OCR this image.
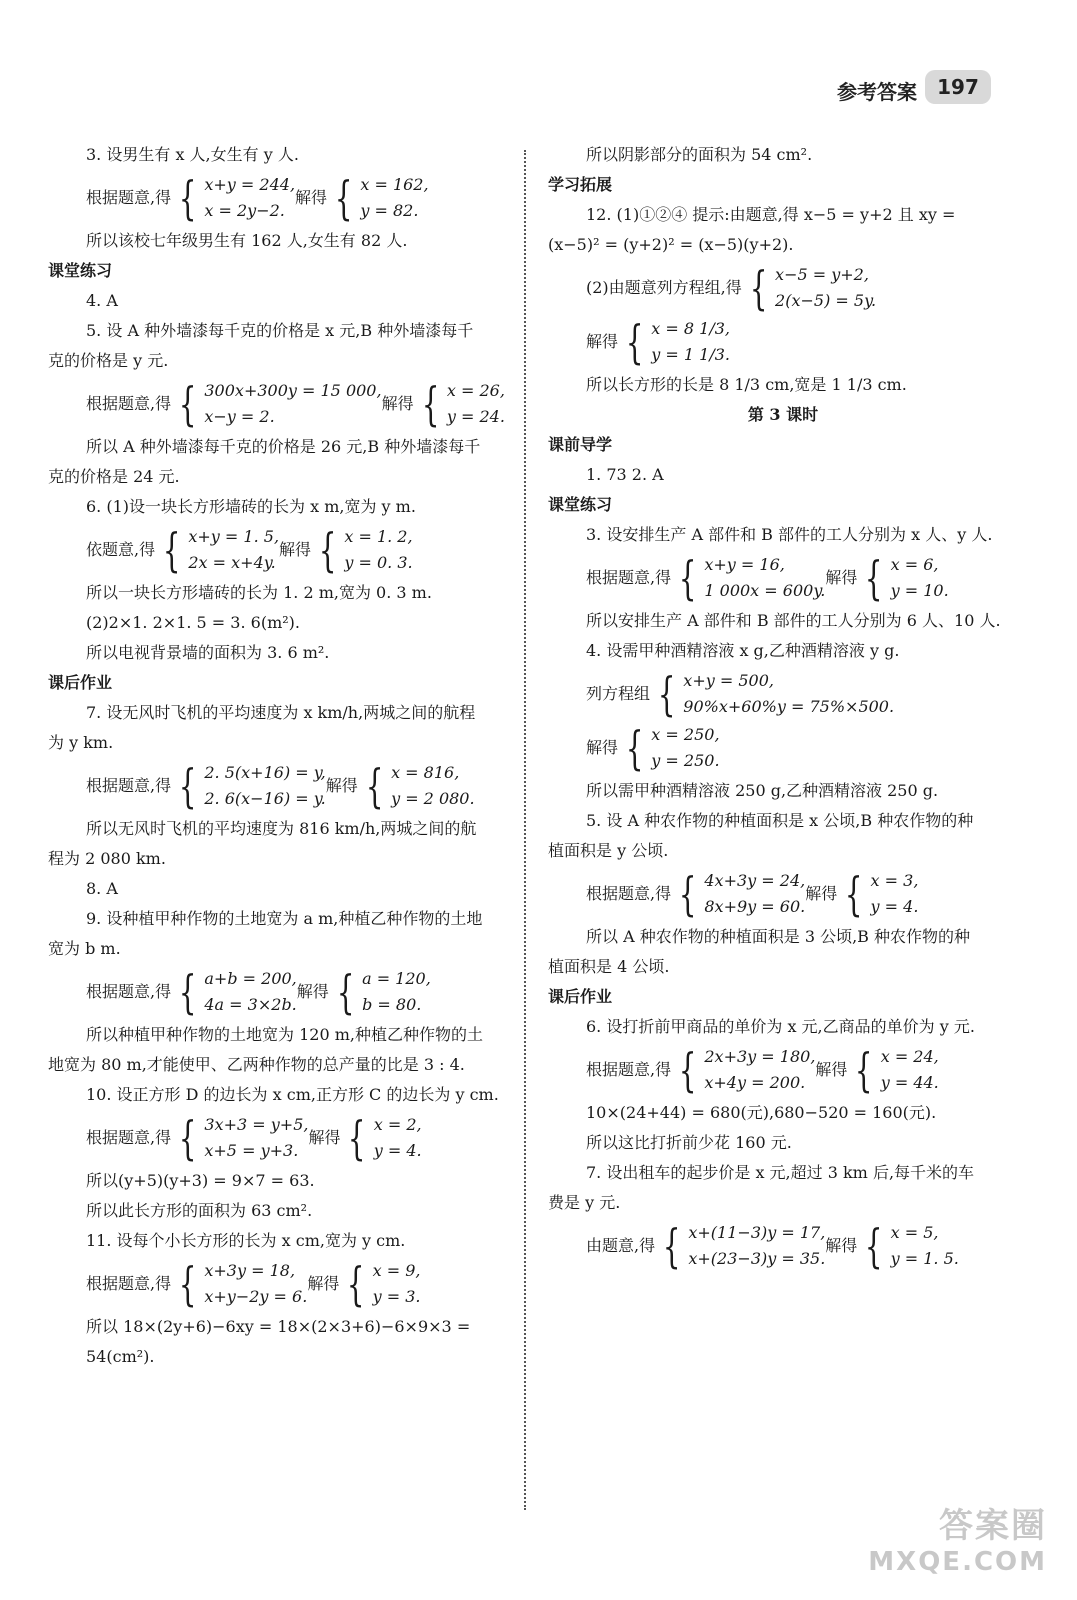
参考答案	197

3. 设男生有 x 人,女生有 y 人.

根据题意,得 { x+y = 244,
x = 2y−2.
解得 { x = 162,
y = 82.

所以该校七年级男生有 162 人,女生有 82 人.

课堂练习

4. A

5. 设 A 种外墙漆每千克的价格是 x 元,B 种外墙漆每千

克的价格是 y 元.

根据题意,得 { 300x+300y = 15 000,
x−y = 2.
解得 { x = 26,
y = 24.

所以 A 种外墙漆每千克的价格是 26 元,B 种外墙漆每千

克的价格是 24 元.

6. (1)设一块长方形墙砖的长为 x m,宽为 y m.

依题意,得 { x+y = 1. 5,
2x = x+4y.
解得 { x = 1. 2,
y = 0. 3.

所以一块长方形墙砖的长为 1. 2 m,宽为 0. 3 m.

(2)2×1. 2×1. 5 = 3. 6(m²).

所以电视背景墙的面积为 3. 6 m².

课后作业

7. 设无风时飞机的平均速度为 x km/h,两城之间的航程

为 y km.

根据题意,得 { 2. 5(x+16) = y,
2. 6(x−16) = y.
解得 { x = 816,
y = 2 080.

所以无风时飞机的平均速度为 816 km/h,两城之间的航

程为 2 080 km.

8. A

9. 设种植甲种作物的土地宽为 a m,种植乙种作物的土地

宽为 b m.

根据题意,得 { a+b = 200,
4a = 3×2b.
解得 { a = 120,
b = 80.

所以种植甲种作物的土地宽为 120 m,种植乙种作物的土

地宽为 80 m,才能使甲、乙两种作物的总产量的比是 3 : 4.

10. 设正方形 D 的边长为 x cm,正方形 C 的边长为 y cm.

根据题意,得 { 3x+3 = y+5,
x+5 = y+3.
解得 { x = 2,
y = 4.

所以(y+5)(y+3) = 9×7 = 63.

所以此长方形的面积为 63 cm².

11. 设每个小长方形的长为 x cm,宽为 y cm.

根据题意,得 { x+3y = 18,
x+y−2y = 6.
解得 { x = 9,
y = 3.

所以 18×(2y+6)−6xy = 18×(2×3+6)−6×9×3 = 54(cm²).

所以阴影部分的面积为 54 cm².

学习拓展

12. (1)①②④ 提示:由题意,得 x−5 = y+2 且 xy =

(x−5)² = (y+2)² = (x−5)(y+2).

(2)由题意列方程组,得 { x−5 = y+2,
2(x−5) = 5y.
解得 { x = 8 1/3,
y = 1 1/3.

所以长方形的长是 8 1/3 cm,宽是 1 1/3 cm.

第 3 课时

课前导学

1. 73 2. A

课堂练习

3. 设安排生产 A 部件和 B 部件的工人分别为 x 人、y 人.

根据题意,得 { x+y = 16,
1 000x = 600y.
解得 { x = 6,
y = 10.

所以安排生产 A 部件和 B 部件的工人分别为 6 人、10 人.

4. 设需甲种酒精溶液 x g,乙种酒精溶液 y g.

列方程组 { x+y = 500,
90%x+60%y = 75%×500.
解得 { x = 250,
y = 250.

所以需甲种酒精溶液 250 g,乙种酒精溶液 250 g.

5. 设 A 种农作物的种植面积是 x 公顷,B 种农作物的种

植面积是 y 公顷.

根据题意,得 { 4x+3y = 24,
8x+9y = 60.
解得 { x = 3,
y = 4.

所以 A 种农作物的种植面积是 3 公顷,B 种农作物的种

植面积是 4 公顷.

课后作业

6. 设打折前甲商品的单价为 x 元,乙商品的单价为 y 元.

根据题意,得 { 2x+3y = 180,
x+4y = 200.
解得 { x = 24,
y = 44.

10×(24+44) = 680(元),680−520 = 160(元).

所以这比打折前少花 160 元.

7. 设出租车的起步价是 x 元,超过 3 km 后,每千米的车

费是 y 元.

由题意,得 { x+(11−3)y = 17,
x+(23−3)y = 35.
解得 { x = 5,
y = 1. 5.
答案圈
MXQE.COM
